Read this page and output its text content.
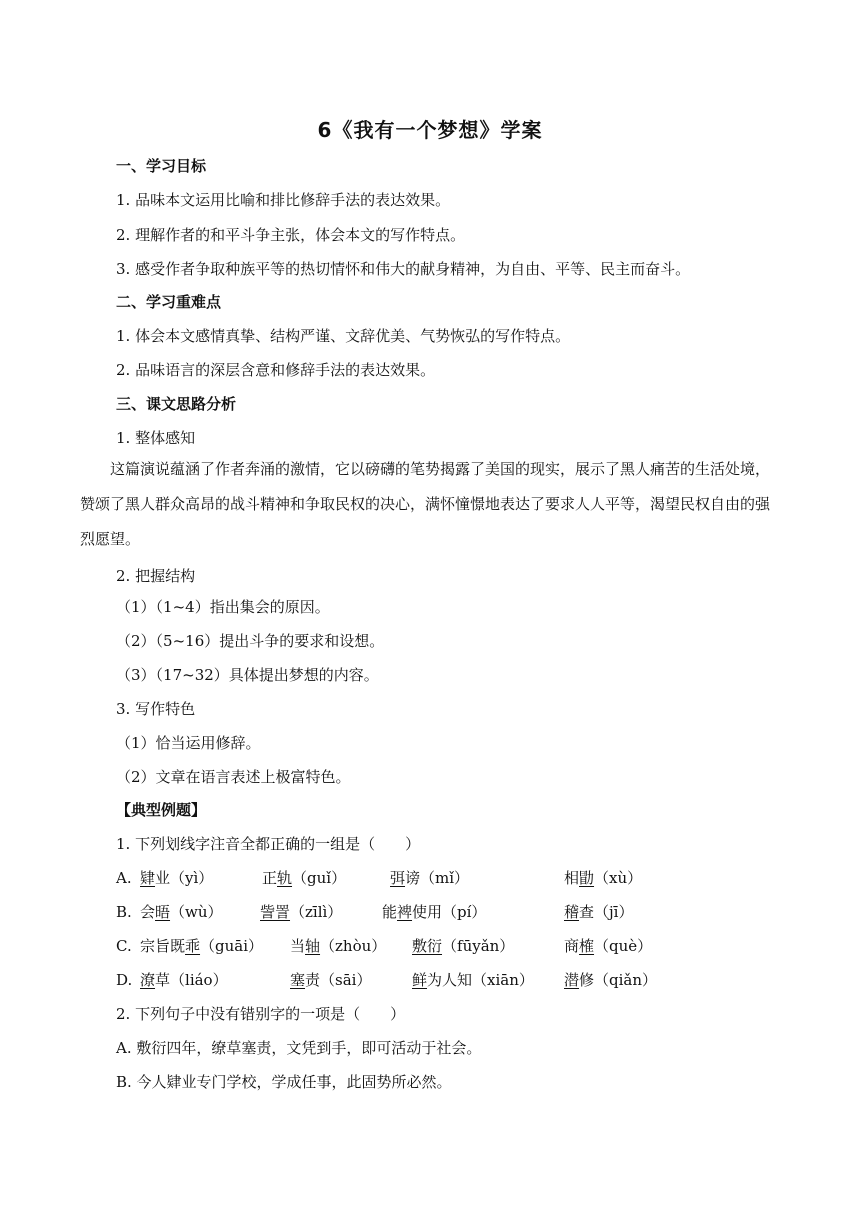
6《我有一个梦想》学案
一、学习目标
1. 品味本文运用比喻和排比修辞手法的表达效果。
2. 理解作者的和平斗争主张，体会本文的写作特点。
3. 感受作者争取种族平等的热切情怀和伟大的献身精神，为自由、平等、民主而奋斗。
二、学习重难点
1. 体会本文感情真挚、结构严谨、文辞优美、气势恢弘的写作特点。
2. 品味语言的深层含意和修辞手法的表达效果。
三、课文思路分析
1. 整体感知
这篇演说蕴涵了作者奔涌的激情，它以磅礴的笔势揭露了美国的现实，展示了黑人痛苦的生活处境，赞颂了黑人群众高昂的战斗精神和争取民权的决心，满怀憧憬地表达了要求人人平等，渴望民权自由的强烈愿望。
2. 把握结构
（1）（1~4）指出集会的原因。
（2）（5~16）提出斗争的要求和设想。
（3）（17~32）具体提出梦想的内容。
3. 写作特色
（1）恰当运用修辞。
（2）文章在语言表述上极富特色。
【典型例题】
1. 下列划线字注音全都正确的一组是（　　）
A. 肄业（yì）	正轨（guǐ）	弭谤（mǐ）	相勖（xù）
B. 会晤（wù） 訾詈（zīlì）	能裨使用（pí）	稽查（jī）
C. 宗旨既乖（guāi） 当轴（zhòu） 敷衍（fūyǎn）	商榷（què）
D. 潦草（liáo）	塞责（sāi）	鲜为人知（xiān） 潜修（qiǎn）
2. 下列句子中没有错别字的一项是（　　）
A. 敷衍四年，缭草塞责，文凭到手，即可活动于社会。
B. 今人肄业专门学校，学成任事，此固势所必然。
